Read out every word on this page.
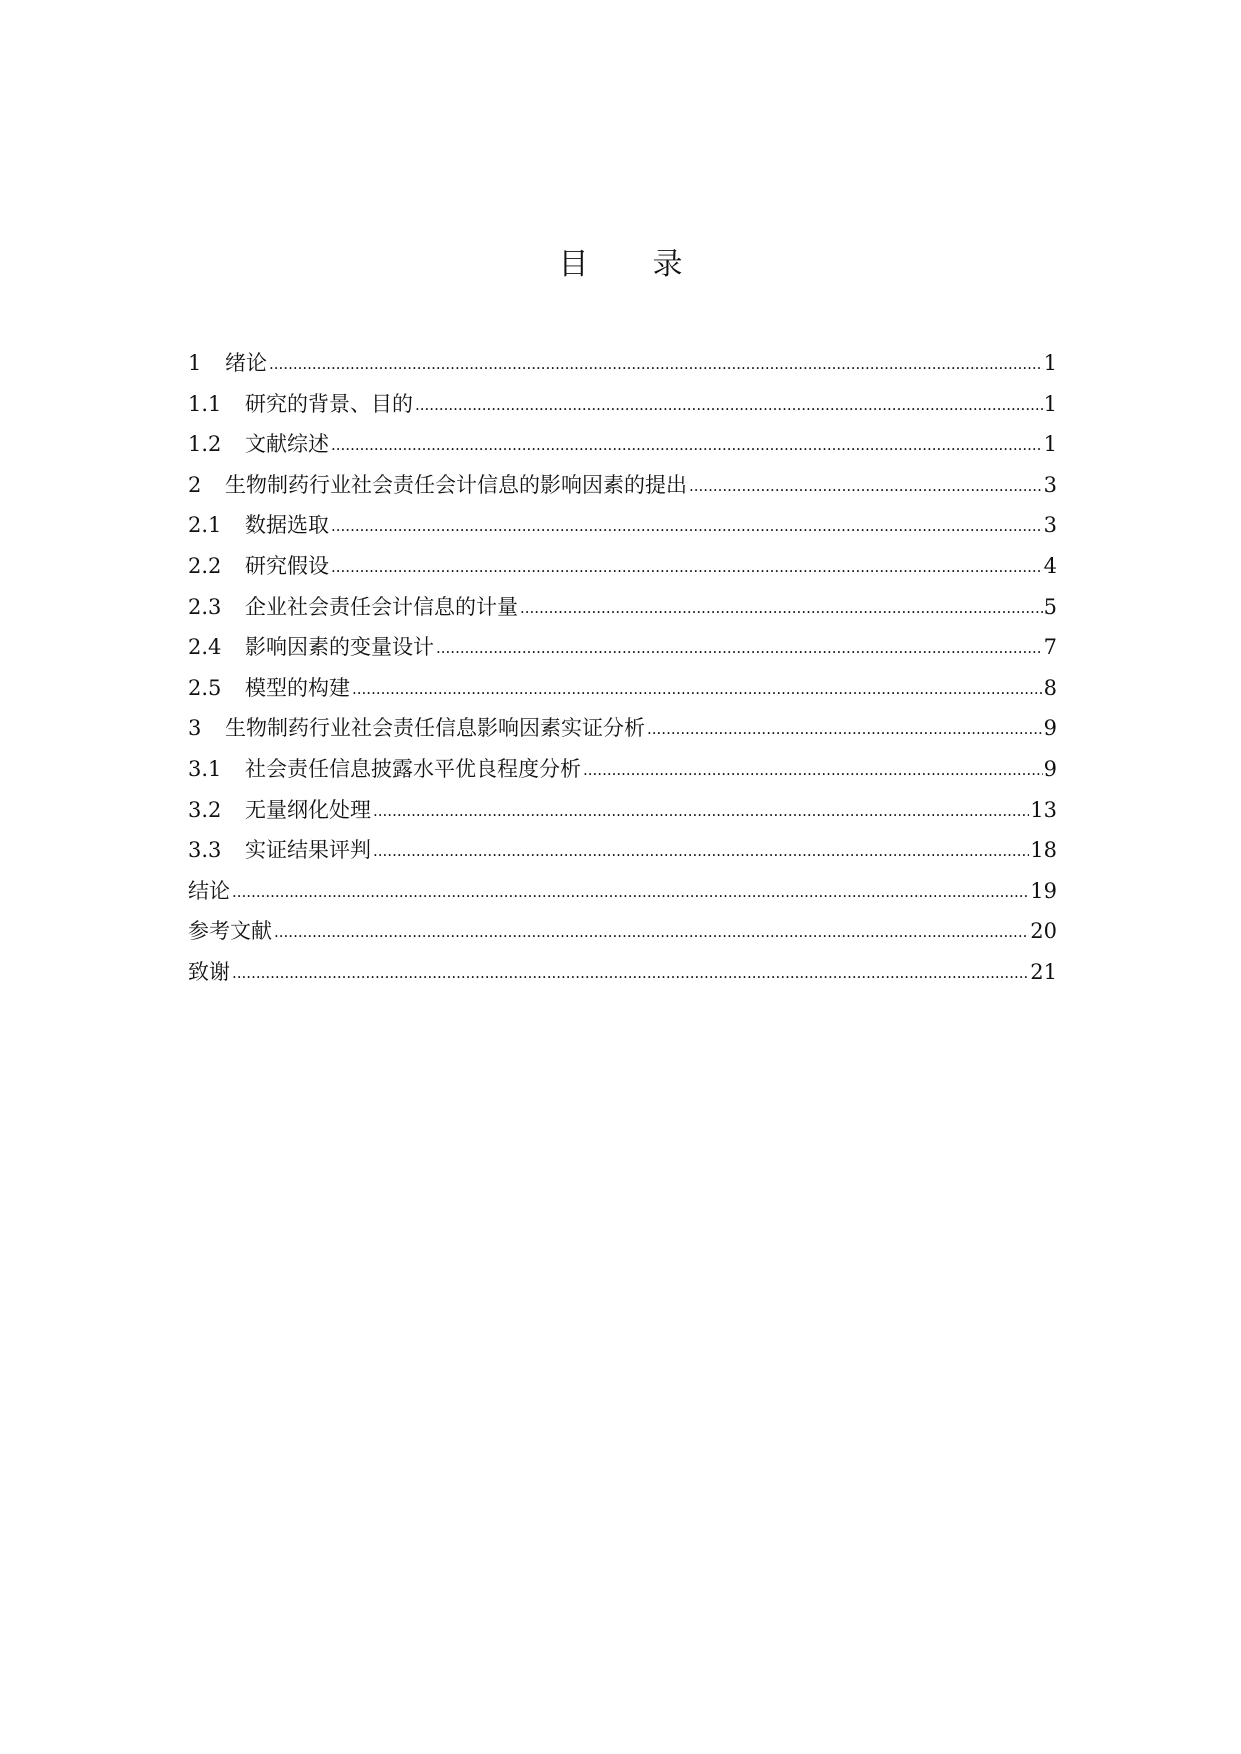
目 录
1	绪论 .....	1
1.1	研究的背景、目的 .....	1
1.2	文献综述 .....	1
2	生物制药行业社会责任会计信息的影响因素的提出 .....	3
2.1	数据选取 .....	3
2.2	研究假设 .....	4
2.3	企业社会责任会计信息的计量 .....	5
2.4	影响因素的变量设计 .....	7
2.5	模型的构建 .....	8
3	生物制药行业社会责任信息影响因素实证分析 .....	9
3.1	社会责任信息披露水平优良程度分析 .....	9
3.2	无量纲化处理 .....	13
3.3	实证结果评判 .....	18
结论 .....	19
参考文献 .....	20
致谢 .....	21
